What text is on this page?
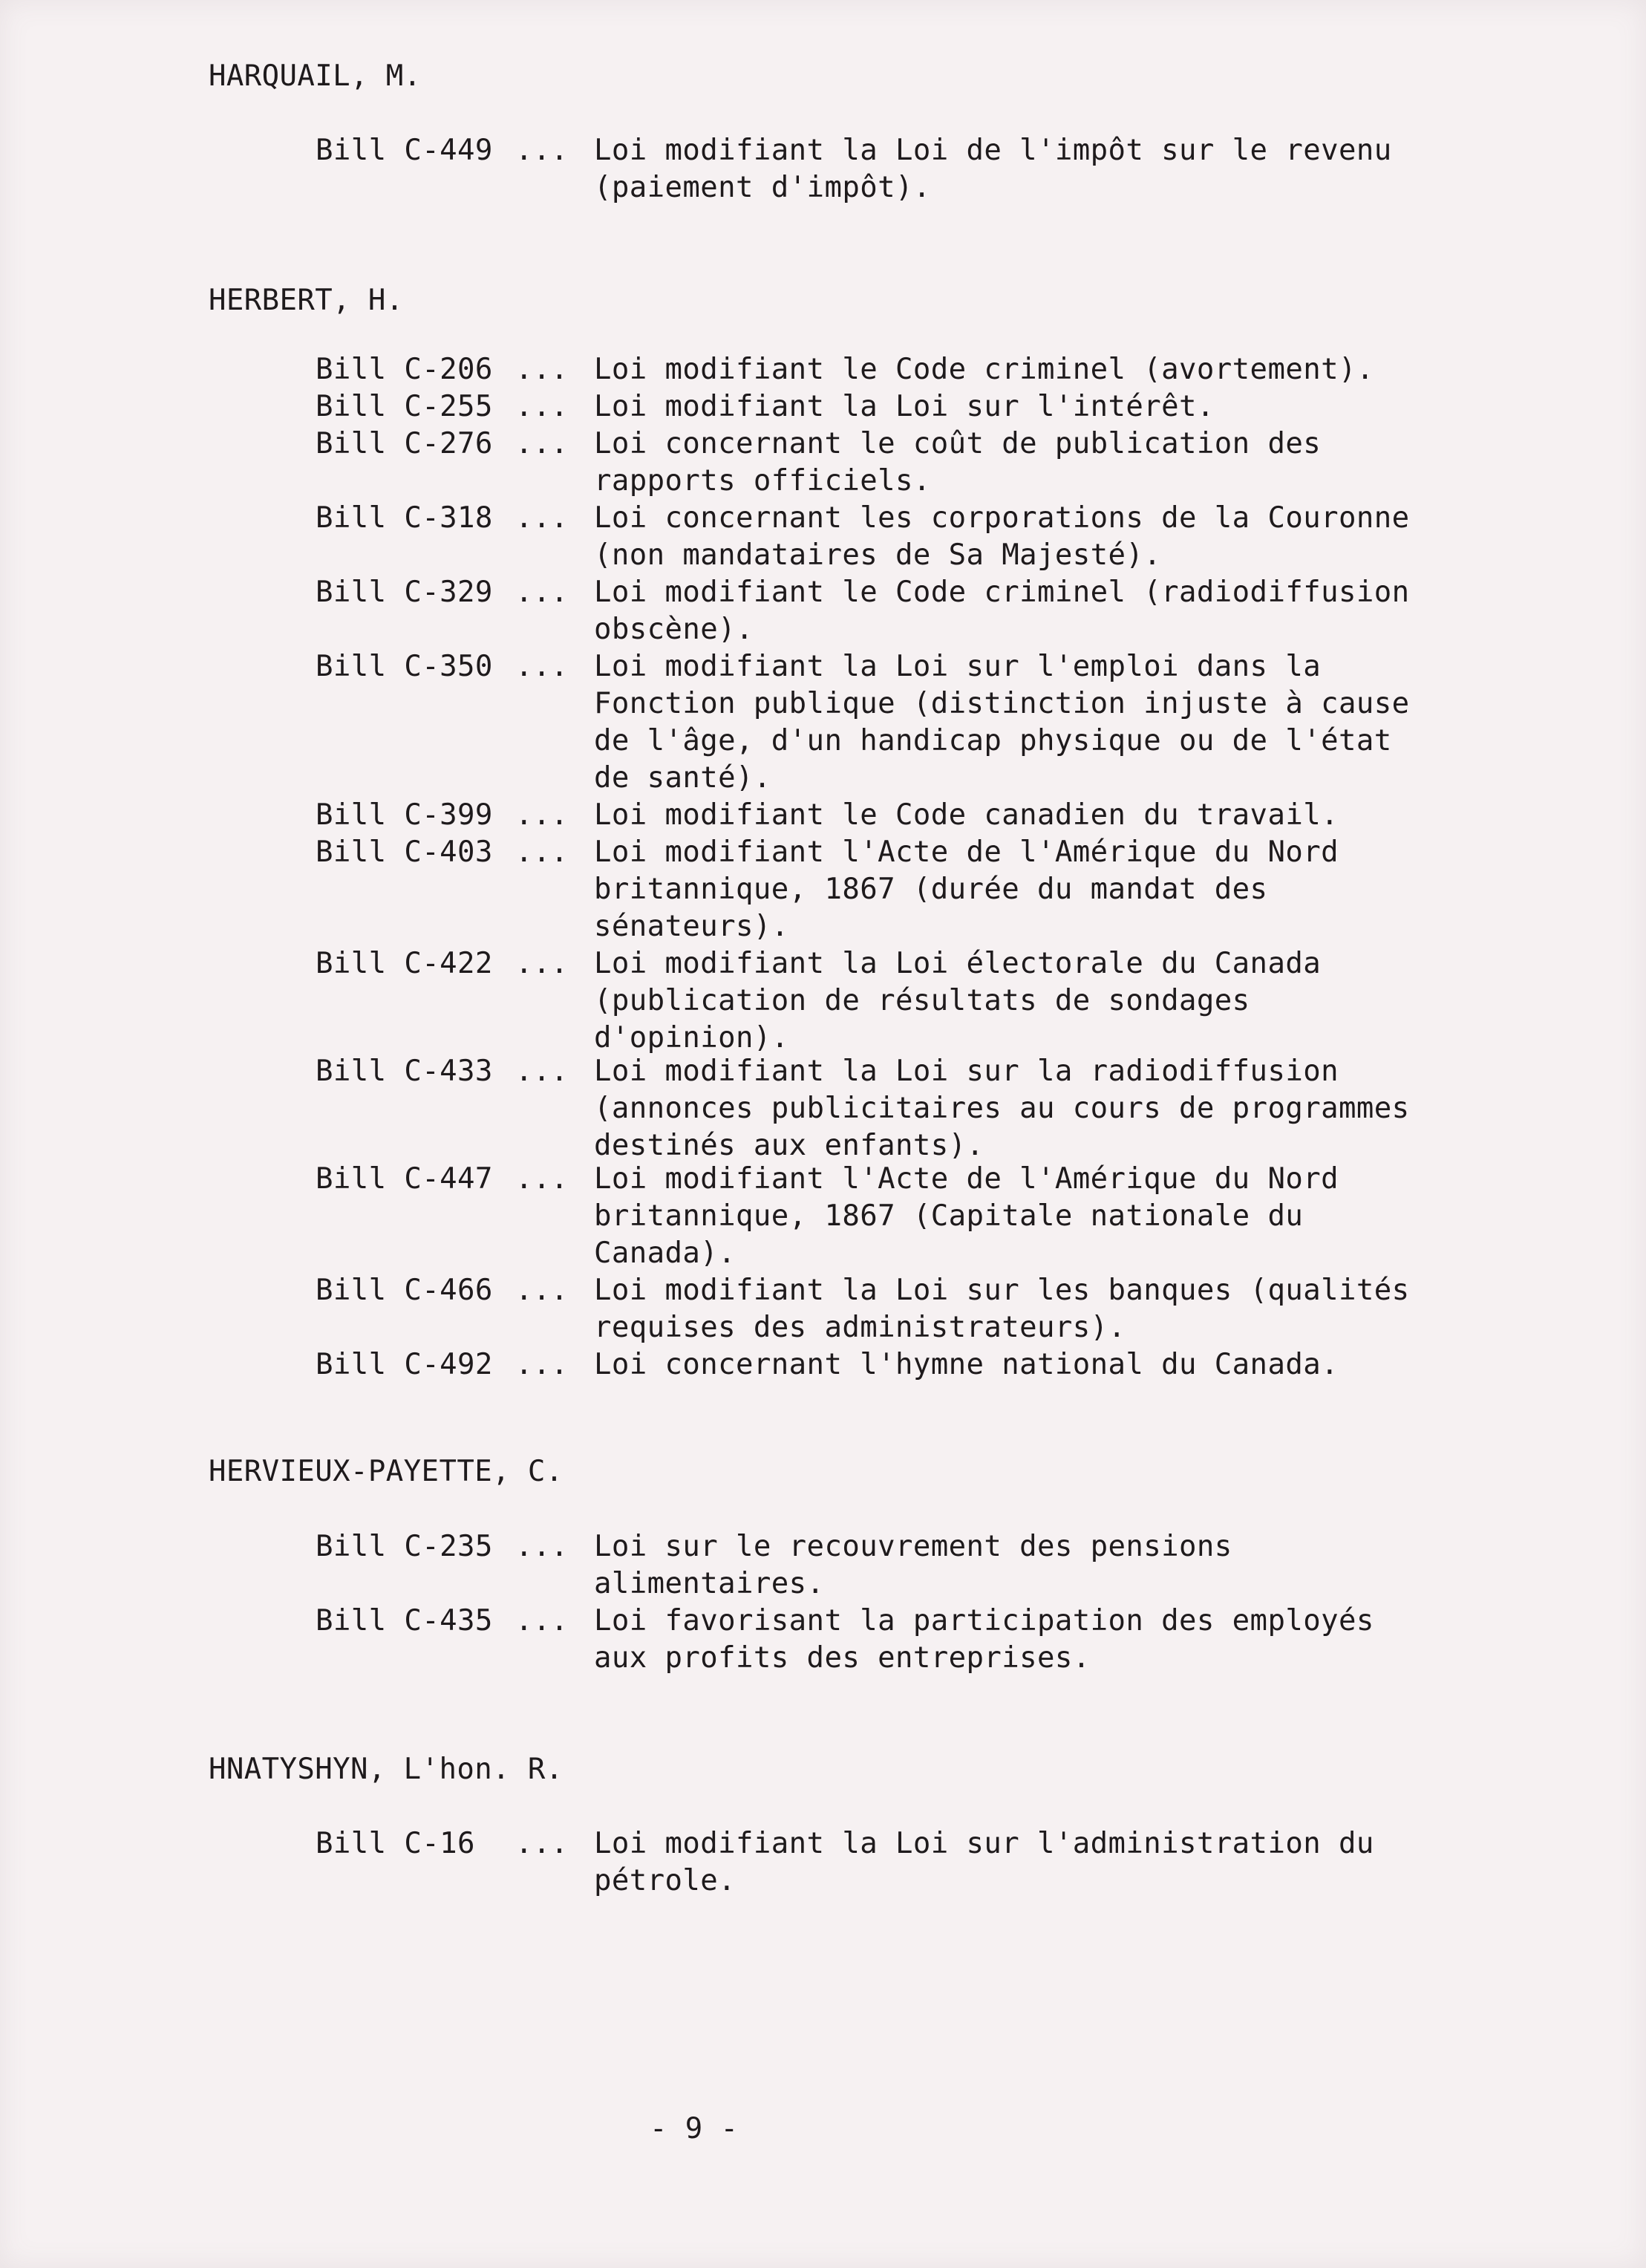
HARQUAIL, M.
Bill C-449 ... Loi modifiant la Loi de l'impôt sur le revenu
(paiement d'impôt).
HERBERT, H.
Bill C-206 ... Loi modifiant le Code criminel (avortement).
Bill C-255 ... Loi modifiant la Loi sur l'intérêt.
Bill C-276 ... Loi concernant le coût de publication des
rapports officiels.
Bill C-318 ... Loi concernant les corporations de la Couronne
(non mandataires de Sa Majesté).
Bill C-329 ... Loi modifiant le Code criminel (radiodiffusion
obscène).
Bill C-350 ... Loi modifiant la Loi sur l'emploi dans la
Fonction publique (distinction injuste à cause
de l'âge, d'un handicap physique ou de l'état
de santé).
Bill C-399 ... Loi modifiant le Code canadien du travail.
Bill C-403 ... Loi modifiant l'Acte de l'Amérique du Nord
britannique, 1867 (durée du mandat des
sénateurs).
Bill C-422 ... Loi modifiant la Loi électorale du Canada
(publication de résultats de sondages
d'opinion).
Bill C-433 ... Loi modifiant la Loi sur la radiodiffusion
(annonces publicitaires au cours de programmes
destinés aux enfants).
Bill C-447 ... Loi modifiant l'Acte de l'Amérique du Nord
britannique, 1867 (Capitale nationale du
Canada).
Bill C-466 ... Loi modifiant la Loi sur les banques (qualités
requises des administrateurs).
Bill C-492 ... Loi concernant l'hymne national du Canada.
HERVIEUX-PAYETTE, C.
Bill C-235 ... Loi sur le recouvrement des pensions
alimentaires.
Bill C-435 ... Loi favorisant la participation des employés
aux profits des entreprises.
HNATYSHYN, L'hon. R.
Bill C-16 ... Loi modifiant la Loi sur l'administration du
pétrole.
- 9 -
